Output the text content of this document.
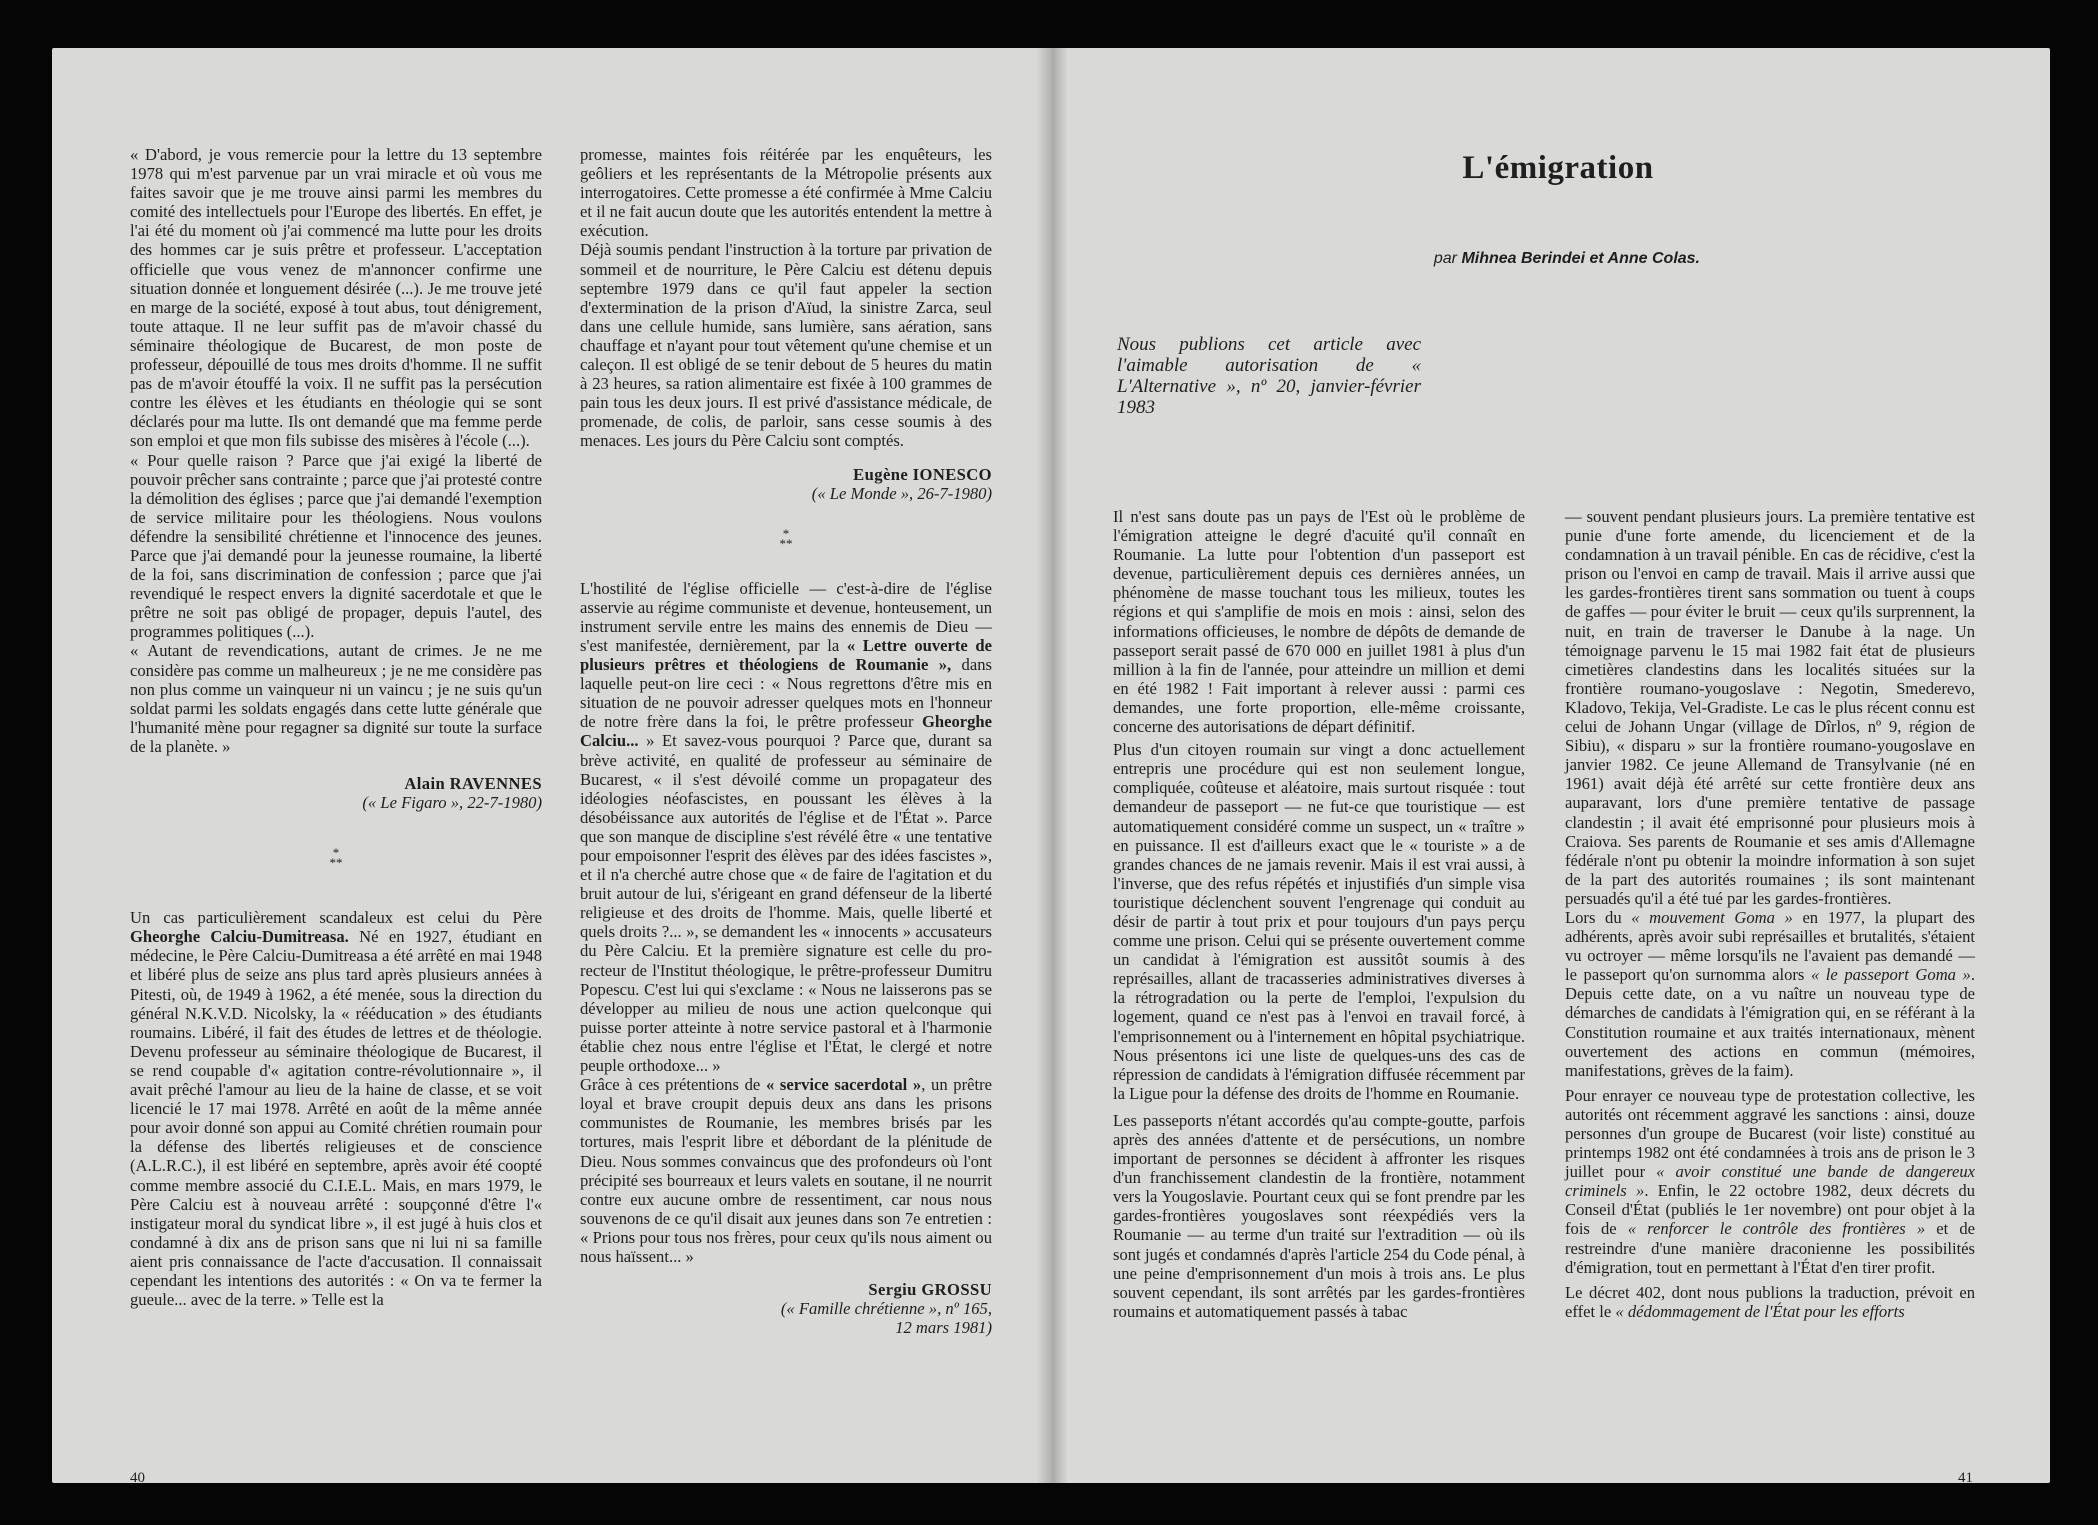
« D'abord, je vous remercie pour la lettre du 13 septembre 1978 qui m'est parvenue par un vrai miracle et où vous me faites savoir que je me trouve ainsi parmi les membres du comité des intellectuels pour l'Europe des libertés. En effet, je l'ai été du moment où j'ai commencé ma lutte pour les droits des hommes car je suis prêtre et professeur. L'acceptation officielle que vous venez de m'annoncer confirme une situation donnée et longuement désirée (...). Je me trouve jeté en marge de la société, exposé à tout abus, tout dénigrement, toute attaque. Il ne leur suffit pas de m'avoir chassé du séminaire théologique de Bucarest, de mon poste de professeur, dépouillé de tous mes droits d'homme. Il ne suffit pas de m'avoir étouffé la voix. Il ne suffit pas la persécution contre les élèves et les étudiants en théologie qui se sont déclarés pour ma lutte. Ils ont demandé que ma femme perde son emploi et que mon fils subisse des misères à l'école (...).

« Pour quelle raison ? Parce que j'ai exigé la liberté de pouvoir prêcher sans contrainte ; parce que j'ai protesté contre la démolition des églises ; parce que j'ai demandé l'exemption de service militaire pour les théologiens. Nous voulons défendre la sensibilité chrétienne et l'innocence des jeunes. Parce que j'ai demandé pour la jeunesse roumaine, la liberté de la foi, sans discrimination de confession ; parce que j'ai revendiqué le respect envers la dignité sacerdotale et que le prêtre ne soit pas obligé de propager, depuis l'autel, des programmes politiques (...).

« Autant de revendications, autant de crimes. Je ne me considère pas comme un malheureux ; je ne me considère pas non plus comme un vainqueur ni un vaincu ; je ne suis qu'un soldat parmi les soldats engagés dans cette lutte générale que l'humanité mène pour regagner sa dignité sur toute la surface de la planète. »

Alain RAVENNES
(« Le Figaro », 22-7-1980)
*
**

Un cas particulièrement scandaleux est celui du Père Gheorghe Calciu-Dumitreasa. Né en 1927, étudiant en médecine, le Père Calciu-Dumitreasa a été arrêté en mai 1948 et libéré plus de seize ans plus tard après plusieurs années à Pitesti, où, de 1949 à 1962, a été menée, sous la direction du général N.K.V.D. Nicolsky, la « rééducation » des étudiants roumains. Libéré, il fait des études de lettres et de théologie. Devenu professeur au séminaire théologique de Bucarest, il se rend coupable d'« agitation contre-révolutionnaire », il avait prêché l'amour au lieu de la haine de classe, et se voit licencié le 17 mai 1978. Arrêté en août de la même année pour avoir donné son appui au Comité chrétien roumain pour la défense des libertés religieuses et de conscience (A.L.R.C.), il est libéré en septembre, après avoir été coopté comme membre associé du C.I.E.L. Mais, en mars 1979, le Père Calciu est à nouveau arrêté : soupçonné d'être l'« instigateur moral du syndicat libre », il est jugé à huis clos et condamné à dix ans de prison sans que ni lui ni sa famille aient pris connaissance de l'acte d'accusation. Il connaissait cependant les intentions des autorités : « On va te fermer la gueule... avec de la terre. » Telle est la

promesse, maintes fois réitérée par les enquêteurs, les geôliers et les représentants de la Métropolie présents aux interrogatoires. Cette promesse a été confirmée à Mme Calciu et il ne fait aucun doute que les autorités entendent la mettre à exécution.

Déjà soumis pendant l'instruction à la torture par privation de sommeil et de nourriture, le Père Calciu est détenu depuis septembre 1979 dans ce qu'il faut appeler la section d'extermination de la prison d'Aïud, la sinistre Zarca, seul dans une cellule humide, sans lumière, sans aération, sans chauffage et n'ayant pour tout vêtement qu'une chemise et un caleçon. Il est obligé de se tenir debout de 5 heures du matin à 23 heures, sa ration alimentaire est fixée à 100 grammes de pain tous les deux jours. Il est privé d'assistance médicale, de promenade, de colis, de parloir, sans cesse soumis à des menaces. Les jours du Père Calciu sont comptés.

Eugène IONESCO
(« Le Monde », 26-7-1980)
*
**

L'hostilité de l'église officielle — c'est-à-dire de l'église asservie au régime communiste et devenue, honteusement, un instrument servile entre les mains des ennemis de Dieu — s'est manifestée, dernièrement, par la « Lettre ouverte de plusieurs prêtres et théologiens de Roumanie », dans laquelle peut-on lire ceci : « Nous regrettons d'être mis en situation de ne pouvoir adresser quelques mots en l'honneur de notre frère dans la foi, le prêtre professeur Gheorghe Calciu... » Et savez-vous pourquoi ? Parce que, durant sa brève activité, en qualité de professeur au séminaire de Bucarest, « il s'est dévoilé comme un propagateur des idéologies néofascistes, en poussant les élèves à la désobéissance aux autorités de l'église et de l'État ». Parce que son manque de discipline s'est révélé être « une tentative pour empoisonner l'esprit des élèves par des idées fascistes », et il n'a cherché autre chose que « de faire de l'agitation et du bruit autour de lui, s'érigeant en grand défenseur de la liberté religieuse et des droits de l'homme. Mais, quelle liberté et quels droits ?... », se demandent les « innocents » accusateurs du Père Calciu. Et la première signature est celle du pro-recteur de l'Institut théologique, le prêtre-professeur Dumitru Popescu. C'est lui qui s'exclame : « Nous ne laisserons pas se développer au milieu de nous une action quelconque qui puisse porter atteinte à notre service pastoral et à l'harmonie établie chez nous entre l'église et l'État, le clergé et notre peuple orthodoxe... »

Grâce à ces prétentions de « service sacerdotal », un prêtre loyal et brave croupit depuis deux ans dans les prisons communistes de Roumanie, les membres brisés par les tortures, mais l'esprit libre et débordant de la plénitude de Dieu. Nous sommes convaincus que des profondeurs où l'ont précipité ses bourreaux et leurs valets en soutane, il ne nourrit contre eux aucune ombre de ressentiment, car nous nous souvenons de ce qu'il disait aux jeunes dans son 7e entretien : « Prions pour tous nos frères, pour ceux qu'ils nous aiment ou nous haïssent... »

Sergiu GROSSU
(« Famille chrétienne », nº 165,
12 mars 1981)
40
L'émigration
par Mihnea Berindei et Anne Colas.
Nous publions cet article avec l'aimable autorisation de « L'Alternative », nº 20, janvier-février 1983

Il n'est sans doute pas un pays de l'Est où le problème de l'émigration atteigne le degré d'acuité qu'il connaît en Roumanie. La lutte pour l'obtention d'un passeport est devenue, particulièrement depuis ces dernières années, un phénomène de masse touchant tous les milieux, toutes les régions et qui s'amplifie de mois en mois : ainsi, selon des informations officieuses, le nombre de dépôts de demande de passeport serait passé de 670 000 en juillet 1981 à plus d'un million à la fin de l'année, pour atteindre un million et demi en été 1982 ! Fait important à relever aussi : parmi ces demandes, une forte proportion, elle-même croissante, concerne des autorisations de départ définitif.

Plus d'un citoyen roumain sur vingt a donc actuellement entrepris une procédure qui est non seulement longue, compliquée, coûteuse et aléatoire, mais surtout risquée : tout demandeur de passeport — ne fut-ce que touristique — est automatiquement considéré comme un suspect, un « traître » en puissance. Il est d'ailleurs exact que le « touriste » a de grandes chances de ne jamais revenir. Mais il est vrai aussi, à l'inverse, que des refus répétés et injustifiés d'un simple visa touristique déclenchent souvent l'engrenage qui conduit au désir de partir à tout prix et pour toujours d'un pays perçu comme une prison. Celui qui se présente ouvertement comme un candidat à l'émigration est aussitôt soumis à des représailles, allant de tracasseries administratives diverses à la rétrogradation ou la perte de l'emploi, l'expulsion du logement, quand ce n'est pas à l'envoi en travail forcé, à l'emprisonnement ou à l'internement en hôpital psychiatrique. Nous présentons ici une liste de quelques-uns des cas de répression de candidats à l'émigration diffusée récemment par la Ligue pour la défense des droits de l'homme en Roumanie.

Les passeports n'étant accordés qu'au compte-goutte, parfois après des années d'attente et de persécutions, un nombre important de personnes se décident à affronter les risques d'un franchissement clandestin de la frontière, notamment vers la Yougoslavie. Pourtant ceux qui se font prendre par les gardes-frontières yougoslaves sont réexpédiés vers la Roumanie — au terme d'un traité sur l'extradition — où ils sont jugés et condamnés d'après l'article 254 du Code pénal, à une peine d'emprisonnement d'un mois à trois ans. Le plus souvent cependant, ils sont arrêtés par les gardes-frontières roumains et automatiquement passés à tabac

— souvent pendant plusieurs jours. La première tentative est punie d'une forte amende, du licenciement et de la condamnation à un travail pénible. En cas de récidive, c'est la prison ou l'envoi en camp de travail. Mais il arrive aussi que les gardes-frontières tirent sans sommation ou tuent à coups de gaffes — pour éviter le bruit — ceux qu'ils surprennent, la nuit, en train de traverser le Danube à la nage. Un témoignage parvenu le 15 mai 1982 fait état de plusieurs cimetières clandestins dans les localités situées sur la frontière roumano-yougoslave : Negotin, Smederevo, Kladovo, Tekija, Vel-Gradiste. Le cas le plus récent connu est celui de Johann Ungar (village de Dîrlos, nº 9, région de Sibiu), « disparu » sur la frontière roumano-yougoslave en janvier 1982. Ce jeune Allemand de Transylvanie (né en 1961) avait déjà été arrêté sur cette frontière deux ans auparavant, lors d'une première tentative de passage clandestin ; il avait été emprisonné pour plusieurs mois à Craiova. Ses parents de Roumanie et ses amis d'Allemagne fédérale n'ont pu obtenir la moindre information à son sujet de la part des autorités roumaines ; ils sont maintenant persuadés qu'il a été tué par les gardes-frontières.

Lors du « mouvement Goma » en 1977, la plupart des adhérents, après avoir subi représailles et brutalités, s'étaient vu octroyer — même lorsqu'ils ne l'avaient pas demandé — le passeport qu'on surnomma alors « le passeport Goma ». Depuis cette date, on a vu naître un nouveau type de démarches de candidats à l'émigration qui, en se référant à la Constitution roumaine et aux traités internationaux, mènent ouvertement des actions en commun (mémoires, manifestations, grèves de la faim).

Pour enrayer ce nouveau type de protestation collective, les autorités ont récemment aggravé les sanctions : ainsi, douze personnes d'un groupe de Bucarest (voir liste) constitué au printemps 1982 ont été condamnées à trois ans de prison le 3 juillet pour « avoir constitué une bande de dangereux criminels ». Enfin, le 22 octobre 1982, deux décrets du Conseil d'État (publiés le 1er novembre) ont pour objet à la fois de « renforcer le contrôle des frontières » et de restreindre d'une manière draconienne les possibilités d'émigration, tout en permettant à l'État d'en tirer profit.

Le décret 402, dont nous publions la traduction, prévoit en effet le « dédommagement de l'État pour les efforts

41
